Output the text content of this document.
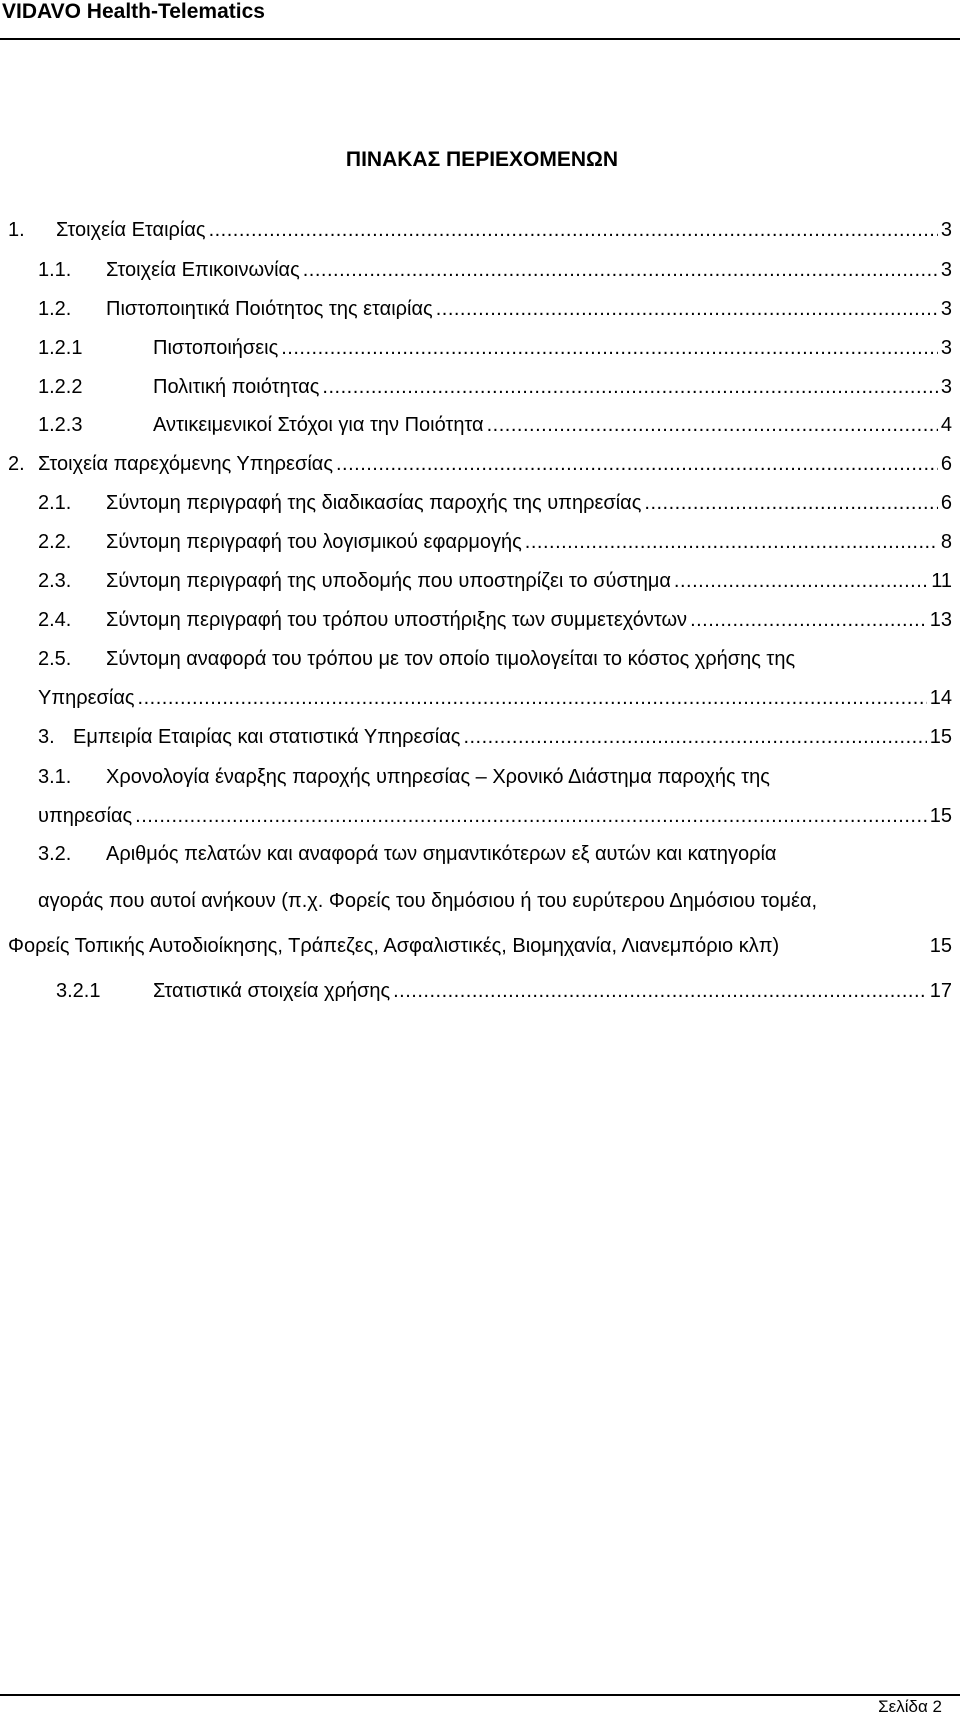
VIDAVO Health-Telematics
ΠΙΝΑΚΑΣ ΠΕΡΙΕΧΟΜΕΝΩΝ
1. Στοιχεία Εταιρίας .....	3
1.1. Στοιχεία Επικοινωνίας .....	3
1.2. Πιστοποιητικά Ποιότητος της εταιρίας .....	3
1.2.1	Πιστοποιήσεις .....	3
1.2.2	Πολιτική ποιότητας .....	3
1.2.3	Αντικειμενικοί Στόχοι για την Ποιότητα .....	4
2. Στοιχεία παρεχόμενης Υπηρεσίας .....	6
2.1. Σύντομη περιγραφή της διαδικασίας παροχής της υπηρεσίας .....	6
2.2. Σύντομη περιγραφή του λογισμικού εφαρμογής .....	8
2.3. Σύντομη περιγραφή της υποδομής που υποστηρίζει το σύστημα .....	11
2.4. Σύντομη περιγραφή του τρόπου υποστήριξης των συμμετεχόντων .....	13
2.5. Σύντομη αναφορά του τρόπου με τον οποίο τιμολογείται το κόστος χρήσης της
Υπηρεσίας .....	14
3. Εμπειρία Εταιρίας και στατιστικά Υπηρεσίας .....	15
3.1. Χρονολογία έναρξης παροχής υπηρεσίας – Χρονικό Διάστημα παροχής της
υπηρεσίας .....	15
3.2. Αριθμός πελατών και αναφορά των σημαντικότερων εξ αυτών και κατηγορία
αγοράς που αυτοί ανήκουν (π.χ. Φορείς του δημόσιου ή του ευρύτερου Δημόσιου τομέα,
Φορείς Τοπικής Αυτοδιοίκησης, Τράπεζες, Ασφαλιστικές, Βιομηχανία, Λιανεμπόριο κλπ)	15
3.2.1	Στατιστικά στοιχεία χρήσης .....	17
Σελίδα 2
